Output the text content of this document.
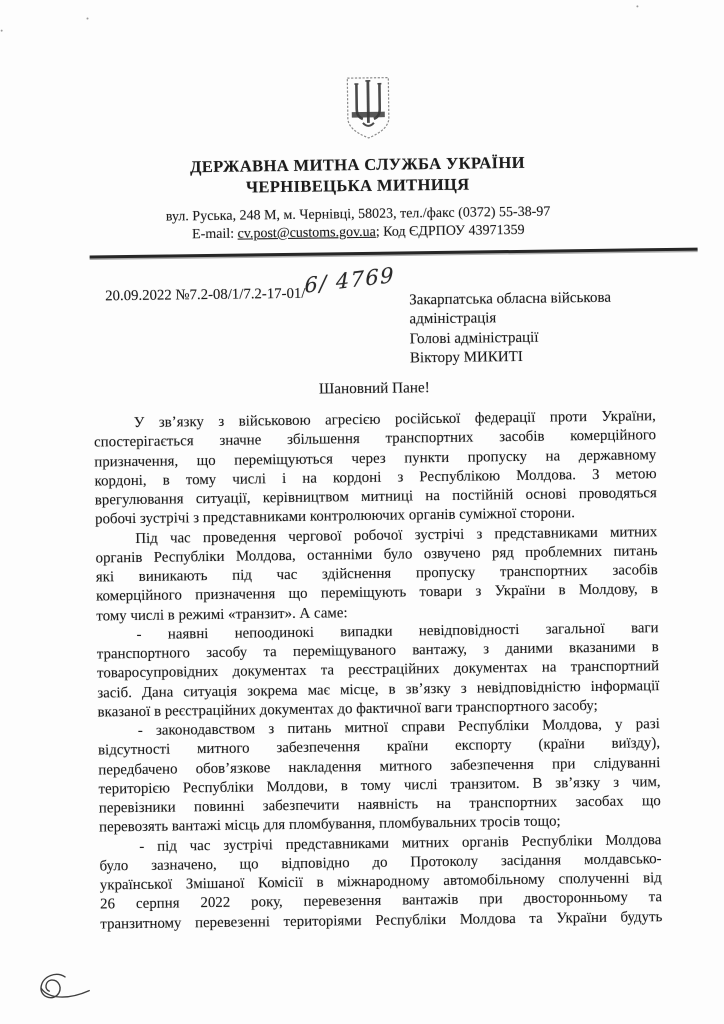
ДЕРЖАВНА МИТНА СЛУЖБА УКРАЇНИ
ЧЕРНІВЕЦЬКА МИТНИЦЯ
вул. Руська, 248 М, м. Чернівці, 58023, тел./факс (0372) 55-38-97
E-mail: cv.post@customs.gov.ua; Код ЄДРПОУ 43971359
20.09.2022 №7.2-08/1/7.2-17-01/6/ 4769
Закарпатська обласна військова
адміністрація
Голові адміністрації
Віктору МИКИТІ
Шановний Пане!
У зв’язку з військовою агресією російської федерації проти України,
спостерігається значне збільшення транспортних засобів комерційного
призначення, що переміщуються через пункти пропуску на державному
кордоні, в тому числі і на кордоні з Республікою Молдова. З метою
врегулювання ситуації, керівництвом митниці на постійній основі проводяться
робочі зустрічі з представниками контролюючих органів суміжної сторони.
Під час проведення чергової робочої зустрічі з представниками митних
органів Республіки Молдова, останніми було озвучено ряд проблемних питань
які виникають під час здійснення пропуску транспортних засобів
комерційного призначення що переміщують товари з України в Молдову, в
тому числі в режимі «транзит». А саме:
- наявні непоодинокі випадки невідповідності загальної ваги
транспортного засобу та переміщуваного вантажу, з даними вказаними в
товаросупровідних документах та реєстраційних документах на транспортний
засіб. Дана ситуація зокрема має місце, в зв’язку з невідповідністю інформації
вказаної в реєстраційних документах до фактичної ваги транспортного засобу;
- законодавством з питань митної справи Республіки Молдова, у разі
відсутності митного забезпечення країни експорту (країни виїзду),
передбачено обов’язкове накладення митного забезпечення при слідуванні
територією Республіки Молдови, в тому числі транзитом. В зв’язку з чим,
перевізники повинні забезпечити наявність на транспортних засобах що
перевозять вантажі місць для пломбування, пломбувальних тросів тощо;
- під час зустрічі представниками митних органів Республіки Молдова
було зазначено, що відповідно до Протоколу засідання молдавсько-
української Змішаної Комісії в міжнародному автомобільному сполученні від
26 серпня 2022 року, перевезення вантажів при двосторонньому та
транзитному перевезенні територіями Республіки Молдова та України будуть
